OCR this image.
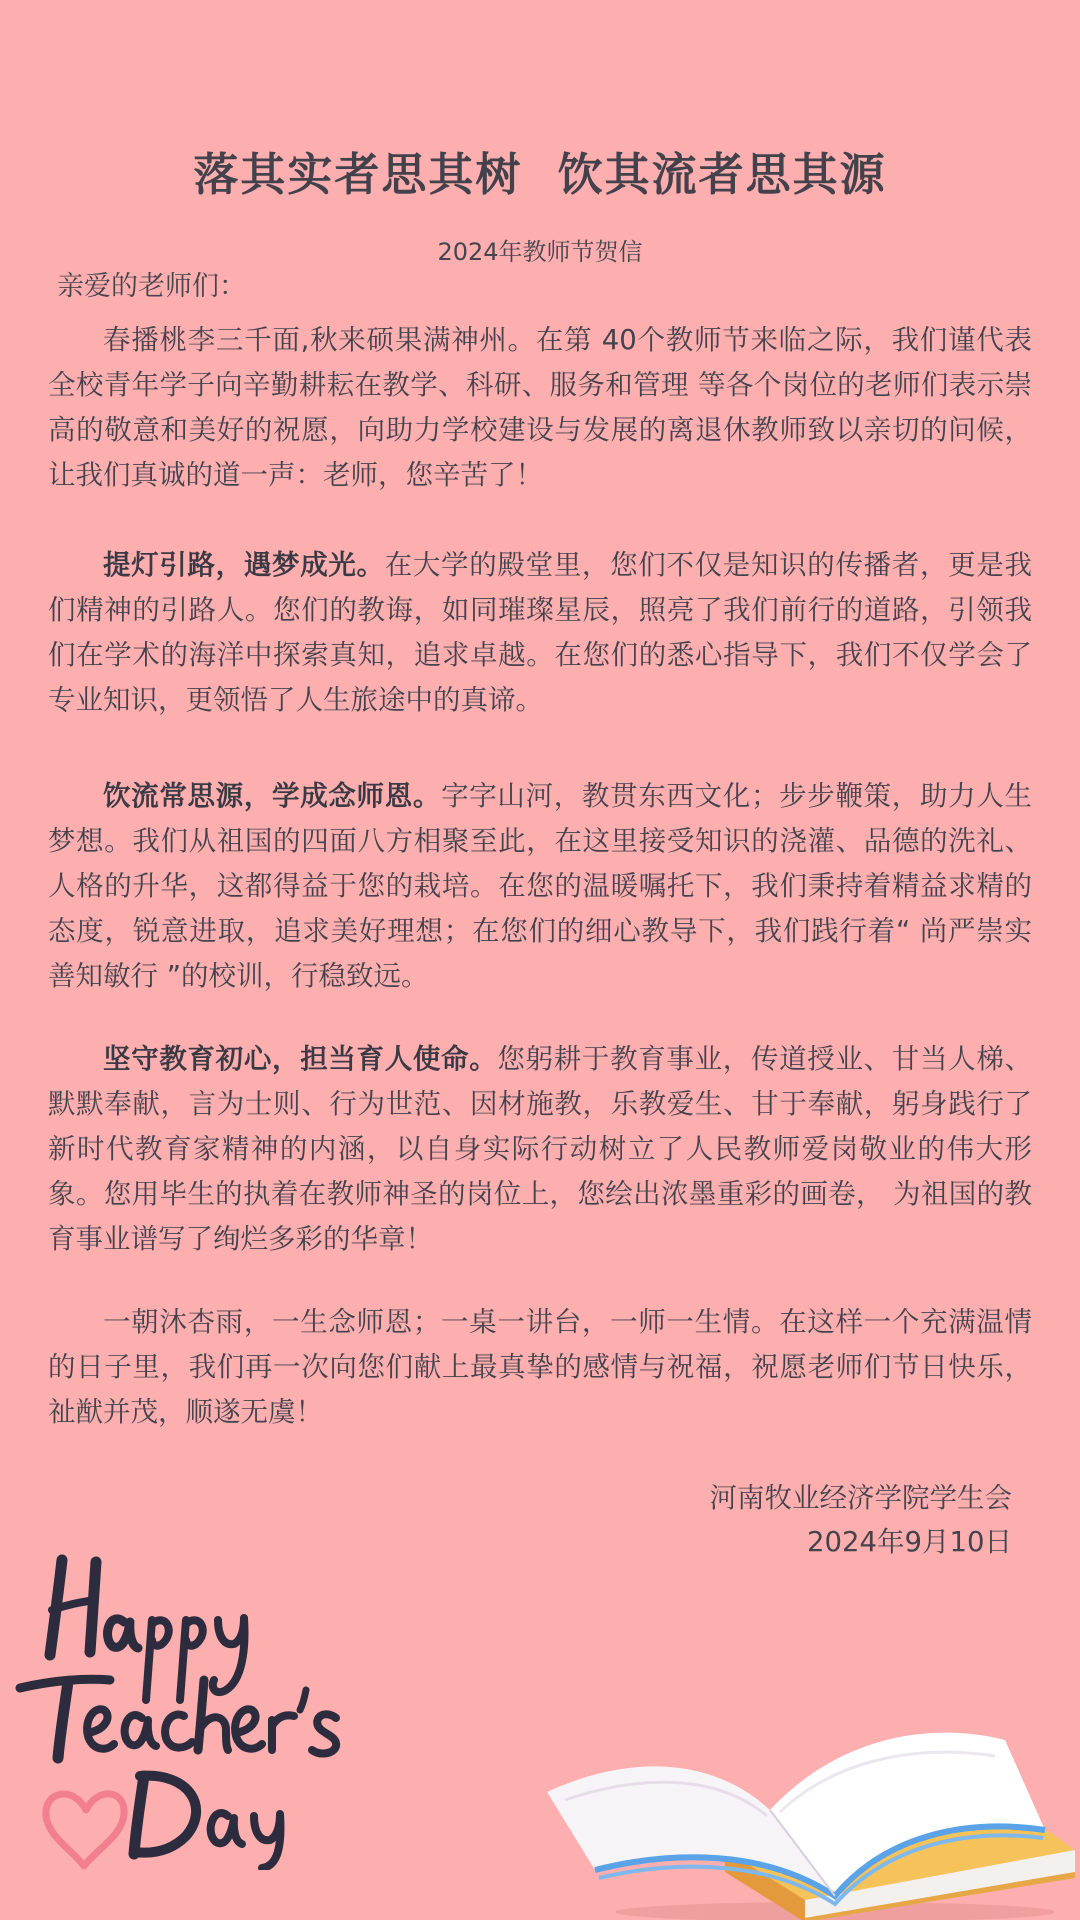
落其实者思其树  饮其流者思其源
2024年教师节贺信
亲爱的老师们：

春播桃李三千面,秋来硕果满神州。在第 40个教师节来临之际，我们谨代表全校青年学子向辛勤耕耘在教学、科研、服务和管理 等各个岗位的老师们表示崇高的敬意和美好的祝愿，向助力学校建设与发展的离退休教师致以亲切的问候，让我们真诚的道一声：老师，您辛苦了！

提灯引路，遇梦成光。在大学的殿堂里，您们不仅是知识的传播者，更是我们精神的引路人。您们的教诲，如同璀璨星辰，照亮了我们前行的道路，引领我们在学术的海洋中探索真知，追求卓越。在您们的悉心指导下，我们不仅学会了专业知识，更领悟了人生旅途中的真谛。

饮流常思源，学成念师恩。字字山河，教贯东西文化；步步鞭策，助力人生梦想。我们从祖国的四面八方相聚至此，在这里接受知识的浇灌、品德的洗礼、人格的升华，这都得益于您的栽培。在您的温暖嘱托下，我们秉持着精益求精的态度，锐意进取，追求美好理想；在您们的细心教导下，我们践行着“ 尚严崇实 善知敏行 ”的校训，行稳致远。

坚守教育初心，担当育人使命。您躬耕于教育事业，传道授业、甘当人梯、默默奉献，言为士则、行为世范、因材施教，乐教爱生、甘于奉献，躬身践行了新时代教育家精神的内涵，以自身实际行动树立了人民教师爱岗敬业的伟大形象。您用毕生的执着在教师神圣的岗位上，您绘出浓墨重彩的画卷， 为祖国的教育事业谱写了绚烂多彩的华章！

一朝沐杏雨，一生念师恩；一桌一讲台，一师一生情。在这样一个充满温情的日子里，我们再一次向您们献上最真挚的感情与祝福，祝愿老师们节日快乐，祉猷并茂，顺遂无虞！

河南牧业经济学院学生会
2024年9月10日
